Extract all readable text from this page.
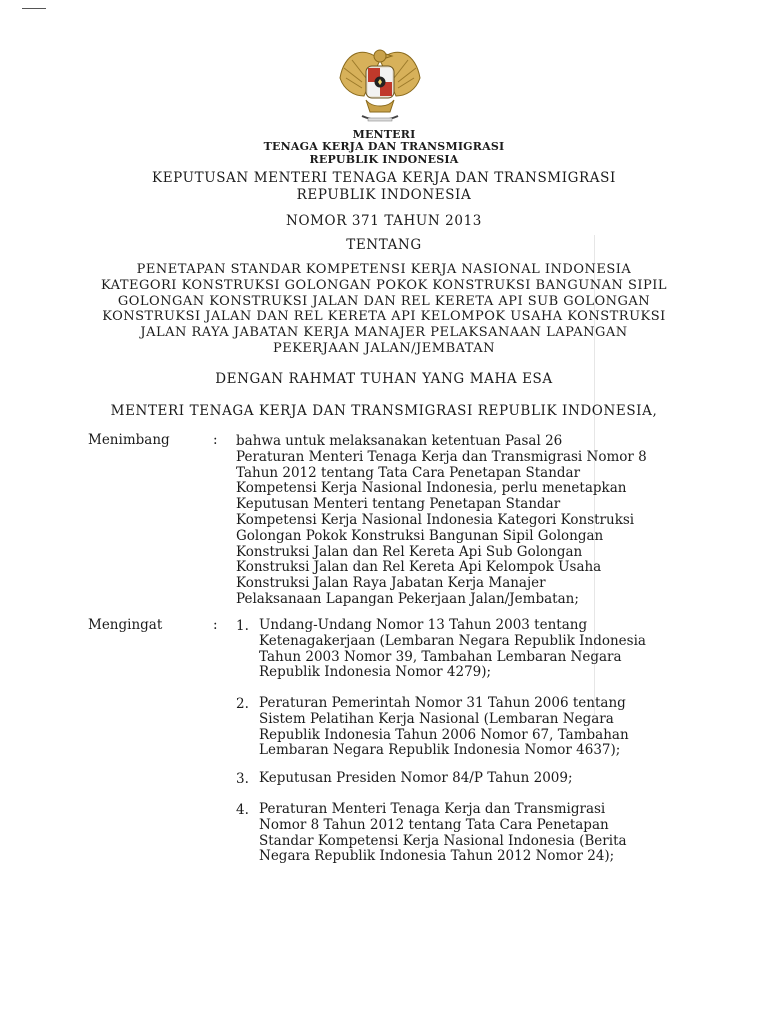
MENTERI
TENAGA KERJA DAN TRANSMIGRASI
REPUBLIK INDONESIA
KEPUTUSAN MENTERI TENAGA KERJA DAN TRANSMIGRASI
REPUBLIK INDONESIA
NOMOR 371 TAHUN 2013
TENTANG
PENETAPAN STANDAR KOMPETENSI KERJA NASIONAL INDONESIA
KATEGORI KONSTRUKSI GOLONGAN POKOK KONSTRUKSI BANGUNAN SIPIL
GOLONGAN KONSTRUKSI JALAN DAN REL KERETA API SUB GOLONGAN
KONSTRUKSI JALAN DAN REL KERETA API KELOMPOK USAHA KONSTRUKSI
JALAN RAYA JABATAN KERJA MANAJER PELAKSANAAN LAPANGAN
PEKERJAAN JALAN/JEMBATAN
DENGAN RAHMAT TUHAN YANG MAHA ESA
MENTERI TENAGA KERJA DAN TRANSMIGRASI REPUBLIK INDONESIA,
Menimbang	: bahwa untuk melaksanakan ketentuan Pasal 26
Peraturan Menteri Tenaga Kerja dan Transmigrasi Nomor 8
Tahun 2012 tentang Tata Cara Penetapan Standar
Kompetensi Kerja Nasional Indonesia, perlu menetapkan
Keputusan Menteri tentang Penetapan Standar
Kompetensi Kerja Nasional Indonesia Kategori Konstruksi
Golongan Pokok Konstruksi Bangunan Sipil Golongan
Konstruksi Jalan dan Rel Kereta Api Sub Golongan
Konstruksi Jalan dan Rel Kereta Api Kelompok Usaha
Konstruksi Jalan Raya Jabatan Kerja Manajer
Pelaksanaan Lapangan Pekerjaan Jalan/Jembatan;
Mengingat	: 1. Undang-Undang Nomor 13 Tahun 2003 tentang
Ketenagakerjaan (Lembaran Negara Republik Indonesia
Tahun 2003 Nomor 39, Tambahan Lembaran Negara
Republik Indonesia Nomor 4279);
2. Peraturan Pemerintah Nomor 31 Tahun 2006 tentang
Sistem Pelatihan Kerja Nasional (Lembaran Negara
Republik Indonesia Tahun 2006 Nomor 67, Tambahan
Lembaran Negara Republik Indonesia Nomor 4637);
3. Keputusan Presiden Nomor 84/P Tahun 2009;
4. Peraturan Menteri Tenaga Kerja dan Transmigrasi
Nomor 8 Tahun 2012 tentang Tata Cara Penetapan
Standar Kompetensi Kerja Nasional Indonesia (Berita
Negara Republik Indonesia Tahun 2012 Nomor 24);
